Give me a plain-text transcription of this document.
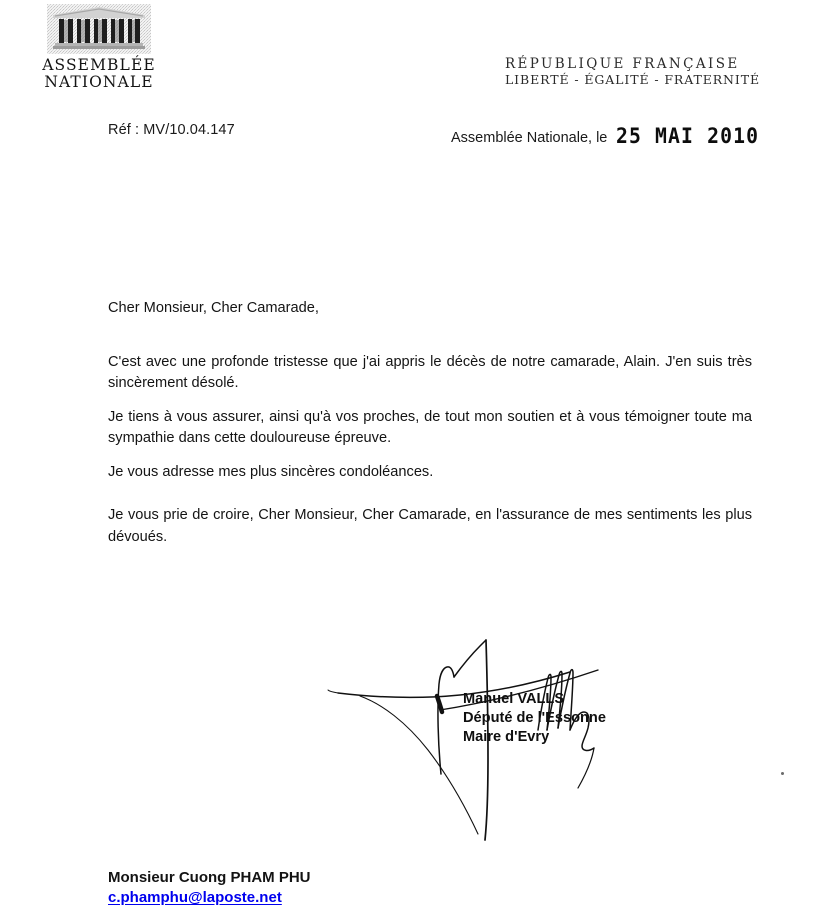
ASSEMBLÉE
NATIONALE
RÉPUBLIQUE FRANÇAISE
LIBERTÉ - ÉGALITÉ - FRATERNITÉ
Réf : MV/10.04.147	Assemblée Nationale, le 25 MAI 2010

Cher Monsieur, Cher Camarade,

C'est avec une profonde tristesse que j'ai appris le décès de notre camarade, Alain. J'en suis très sincèrement désolé.

Je tiens à vous assurer, ainsi qu'à vos proches, de tout mon soutien et à vous témoigner toute ma sympathie dans cette douloureuse épreuve.

Je vous adresse mes plus sincères condoléances.

Je vous prie de croire, Cher Monsieur, Cher Camarade, en l'assurance de mes sentiments les plus dévoués.

Manuel VALLS
Député de l'Essonne
Maire d'Evry
Monsieur Cuong PHAM PHU
c.phamphu@laposte.net
